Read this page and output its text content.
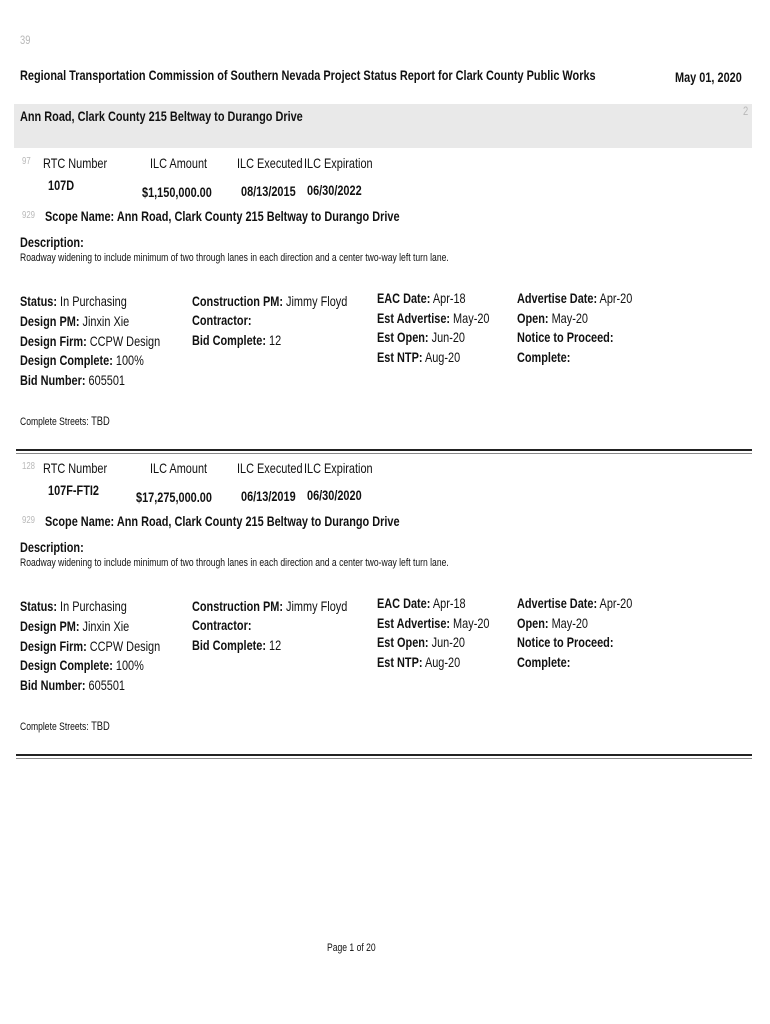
39
Regional Transportation Commission of Southern Nevada Project Status Report for Clark County Public Works	May 01, 2020
Ann Road, Clark County 215 Beltway to Durango Drive	2
97 RTC Number	ILC Amount	ILC Executed ILC Expiration
107D	$1,150,000.00	08/13/2015 06/30/2022
929 Scope Name: Ann Road, Clark County 215 Beltway to Durango Drive
Description:
Roadway widening to include minimum of two through lanes in each direction and a center two-way left turn lane.
Status: In Purchasing
Design PM: Jinxin Xie
Design Firm: CCPW Design
Design Complete: 100%
Bid Number: 605501
Construction PM: Jimmy Floyd
Contractor:
Bid Complete: 12
EAC Date: Apr-18
Est Advertise: May-20
Est Open: Jun-20
Est NTP: Aug-20
Advertise Date: Apr-20
Open: May-20
Notice to Proceed:
Complete:
Complete Streets: TBD
128 RTC Number	ILC Amount	ILC Executed ILC Expiration
107F-FTI2	$17,275,000.00	06/13/2019 06/30/2020
929 Scope Name: Ann Road, Clark County 215 Beltway to Durango Drive
Description:
Roadway widening to include minimum of two through lanes in each direction and a center two-way left turn lane.
Status: In Purchasing
Design PM: Jinxin Xie
Design Firm: CCPW Design
Design Complete: 100%
Bid Number: 605501
Construction PM: Jimmy Floyd
Contractor:
Bid Complete: 12
EAC Date: Apr-18
Est Advertise: May-20
Est Open: Jun-20
Est NTP: Aug-20
Advertise Date: Apr-20
Open: May-20
Notice to Proceed:
Complete:
Complete Streets: TBD
Page 1 of 20
